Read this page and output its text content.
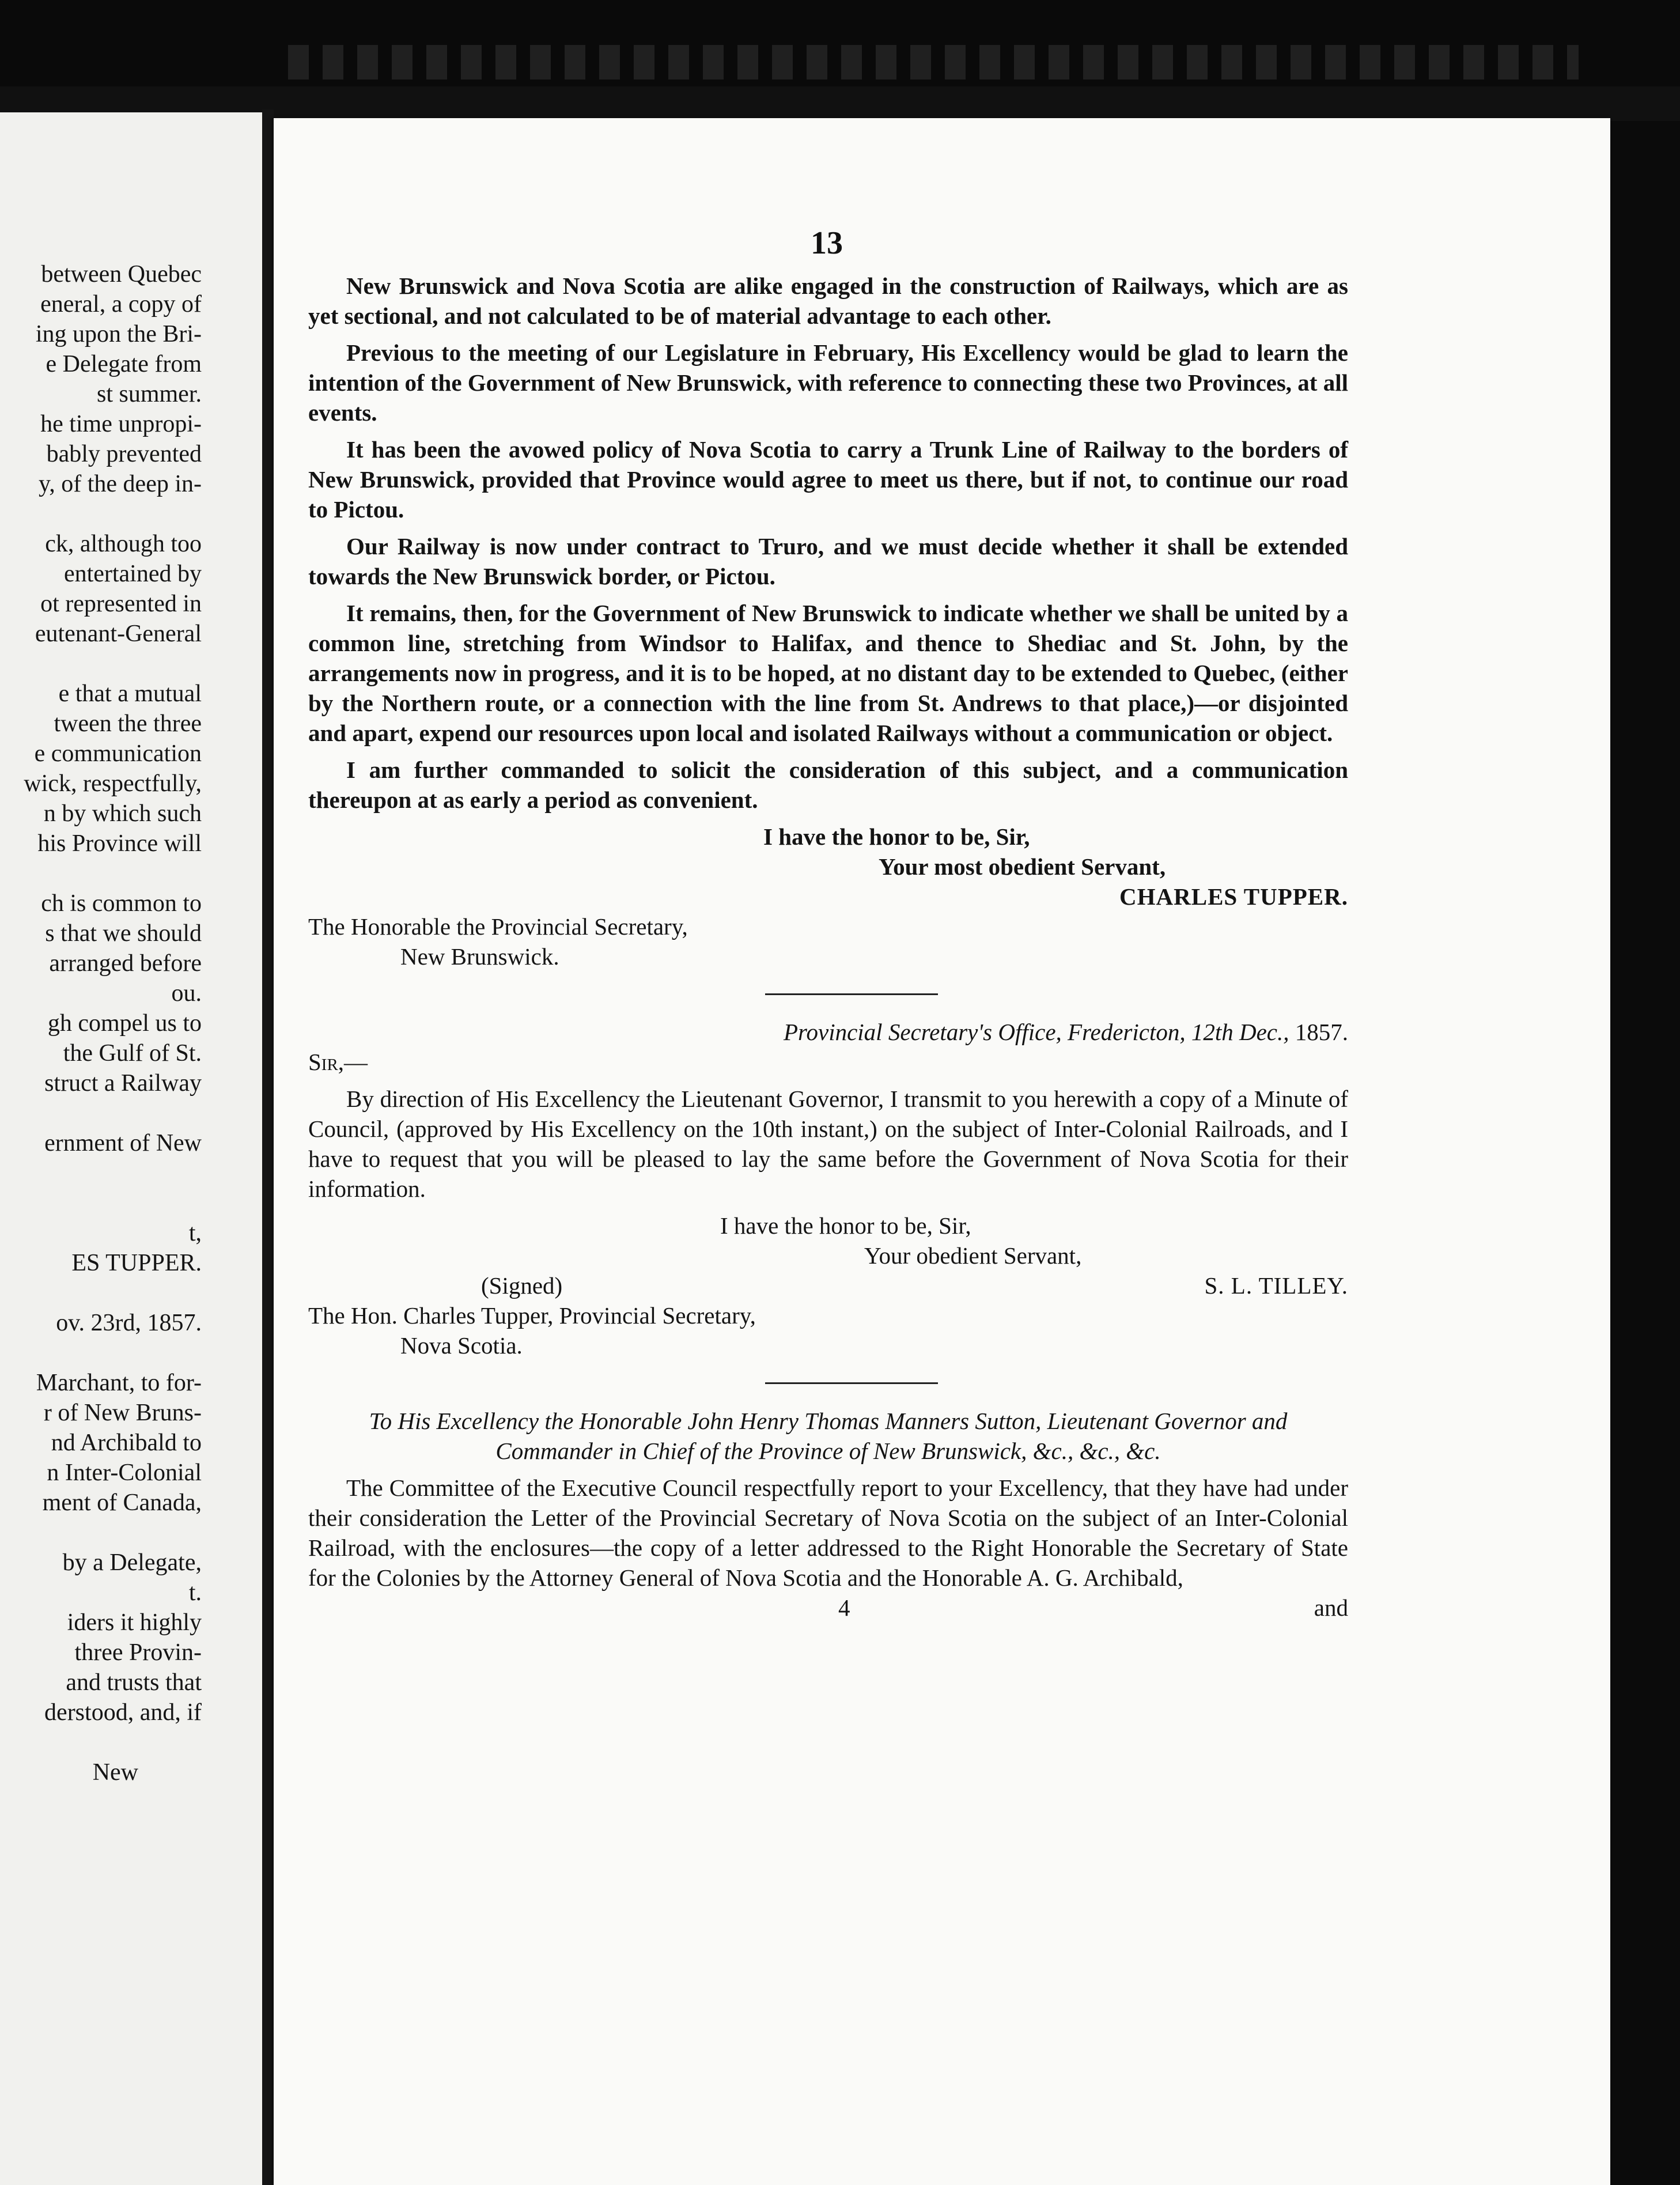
between Quebec
eneral, a copy of
ing upon the Bri-
e Delegate from
st summer.
he time unpropi-
bably prevented
y, of the deep in-
ck, although too
entertained by
ot represented in
eutenant-General
e that a mutual
tween the three
e communication
wick, respectfully,
n by which such
his Province will
ch is common to
s that we should
arranged before
ou.
gh compel us to
the Gulf of St.
struct a Railway
ernment of New
t,
ES TUPPER.
ov. 23rd, 1857.
Marchant, to for-
r of New Bruns-
nd Archibald to
n Inter-Colonial
ment of Canada,
by a Delegate,
t.
iders it highly
three Provin-
and trusts that
derstood, and, if
New
13

New Brunswick and Nova Scotia are alike engaged in the construction of Railways, which are as yet sectional, and not calculated to be of material advantage to each other.

Previous to the meeting of our Legislature in February, His Excellency would be glad to learn the intention of the Government of New Brunswick, with reference to connecting these two Provinces, at all events.

It has been the avowed policy of Nova Scotia to carry a Trunk Line of Railway to the borders of New Brunswick, provided that Province would agree to meet us there, but if not, to continue our road to Pictou.

Our Railway is now under contract to Truro, and we must decide whether it shall be extended towards the New Brunswick border, or Pictou.

It remains, then, for the Government of New Brunswick to indicate whether we shall be united by a common line, stretching from Windsor to Halifax, and thence to Shediac and St. John, by the arrangements now in progress, and it is to be hoped, at no distant day to be extended to Quebec, (either by the Northern route, or a connection with the line from St. Andrews to that place,)—or disjointed and apart, expend our resources upon local and isolated Railways without a communication or object.

I am further commanded to solicit the consideration of this subject, and a communication thereupon at as early a period as convenient.

I have the honor to be, Sir,

Your most obedient Servant,

CHARLES TUPPER.

The Honorable the Provincial Secretary,

New Brunswick.

Provincial Secretary's Office, Fredericton, 12th Dec., 1857.

Sir,—

By direction of His Excellency the Lieutenant Governor, I transmit to you herewith a copy of a Minute of Council, (approved by His Excellency on the 10th instant,) on the subject of Inter-Colonial Railroads, and I have to request that you will be pleased to lay the same before the Government of Nova Scotia for their information.

I have the honor to be, Sir,

Your obedient Servant,

(Signed)	S. L. TILLEY.

The Hon. Charles Tupper, Provincial Secretary,

Nova Scotia.

To His Excellency the Honorable John Henry Thomas Manners Sutton, Lieutenant Governor and Commander in Chief of the Province of New Brunswick, &c., &c., &c.

The Committee of the Executive Council respectfully report to your Excellency, that they have had under their consideration the Letter of the Provincial Secretary of Nova Scotia on the subject of an Inter-Colonial Railroad, with the enclosures—the copy of a letter addressed to the Right Honorable the Secretary of State for the Colonies by the Attorney General of Nova Scotia and the Honorable A. G. Archibald,

4	and
